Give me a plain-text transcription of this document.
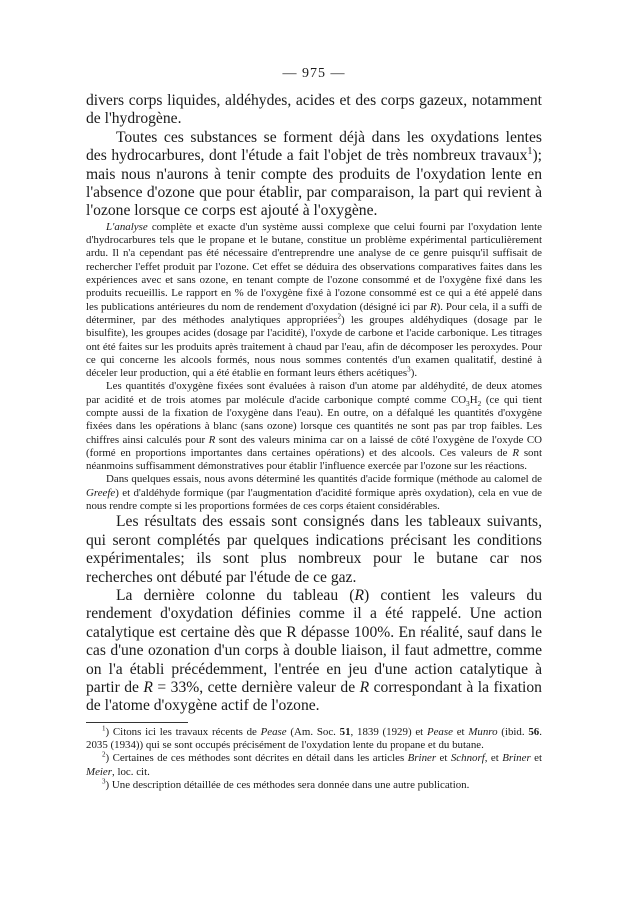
— 975 —

divers corps liquides, aldéhydes, acides et des corps gazeux, notamment de l'hydrogène.

Toutes ces substances se forment déjà dans les oxydations lentes des hydrocarbures, dont l'étude a fait l'objet de très nombreux travaux$^1$); mais nous n'aurons à tenir compte des produits de l'oxydation lente en l'absence d'ozone que pour établir, par comparaison, la part qui revient à l'ozone lorsque ce corps est ajouté à l'oxygène.

L'analyse complète et exacte d'un système aussi complexe que celui fourni par l'oxydation lente d'hydrocarbures tels que le propane et le butane, constitue un problème expérimental particulièrement ardu. Il n'a cependant pas été nécessaire d'entreprendre une analyse de ce genre puisqu'il suffisait de rechercher l'effet produit par l'ozone. Cet effet se déduira des observations comparatives faites dans les expériences avec et sans ozone, en tenant compte de l'ozone consommé et de l'oxygène fixé dans les produits recueillis. Le rapport en % de l'oxygène fixé à l'ozone consommé est ce qui a été appelé dans les publications antérieures du nom de rendement d'oxydation (désigné ici par R). Pour cela, il a suffi de déterminer, par des méthodes analytiques appropriées$^2$) les groupes aldéhydiques (dosage par le bisulfite), les groupes acides (dosage par l'acidité), l'oxyde de carbone et l'acide carbonique. Les titrages ont été faites sur les produits après traitement à chaud par l'eau, afin de décomposer les peroxydes. Pour ce qui concerne les alcools formés, nous nous sommes contentés d'un examen qualitatif, destiné à déceler leur production, qui a été établie en formant leurs éthers acétiques$^3$).

Les quantités d'oxygène fixées sont évaluées à raison d'un atome par aldéhydité, de deux atomes par acidité et de trois atomes par molécule d'acide carbonique compté comme $CO_3H_2$ (ce qui tient compte aussi de la fixation de l'oxygène dans l'eau). En outre, on a défalqué les quantités d'oxygène fixées dans les opérations à blanc (sans ozone) lorsque ces quantités ne sont pas par trop faibles. Les chiffres ainsi calculés pour R sont des valeurs minima car on a laissé de côté l'oxygène de l'oxyde CO (formé en proportions importantes dans certaines opérations) et des alcools. Ces valeurs de R sont néanmoins suffisamment démonstratives pour établir l'influence exercée par l'ozone sur les réactions.

Dans quelques essais, nous avons déterminé les quantités d'acide formique (méthode au calomel de Greefe) et d'aldéhyde formique (par l'augmentation d'acidité formique après oxydation), cela en vue de nous rendre compte si les proportions formées de ces corps étaient considérables.

Les résultats des essais sont consignés dans les tableaux suivants, qui seront complétés par quelques indications précisant les conditions expérimentales; ils sont plus nombreux pour le butane car nos recherches ont débuté par l'étude de ce gaz.

La dernière colonne du tableau (R) contient les valeurs du rendement d'oxydation définies comme il a été rappelé. Une action catalytique est certaine dès que R dépasse 100%. En réalité, sauf dans le cas d'une ozonation d'un corps à double liaison, il faut admettre, comme on l'a établi précédemment, l'entrée en jeu d'une action catalytique à partir de R = 33%, cette dernière valeur de R correspondant à la fixation de l'atome d'oxygène actif de l'ozone.

$^1$) Citons ici les travaux récents de Pease (Am. Soc. 51, 1839 (1929) et Pease et Munro (ibid. 56. 2035 (1934)) qui se sont occupés précisément de l'oxydation lente du propane et du butane.

$^2$) Certaines de ces méthodes sont décrites en détail dans les articles Briner et Schnorf, et Briner et Meier, loc. cit.

$^3$) Une description détaillée de ces méthodes sera donnée dans une autre publication.
